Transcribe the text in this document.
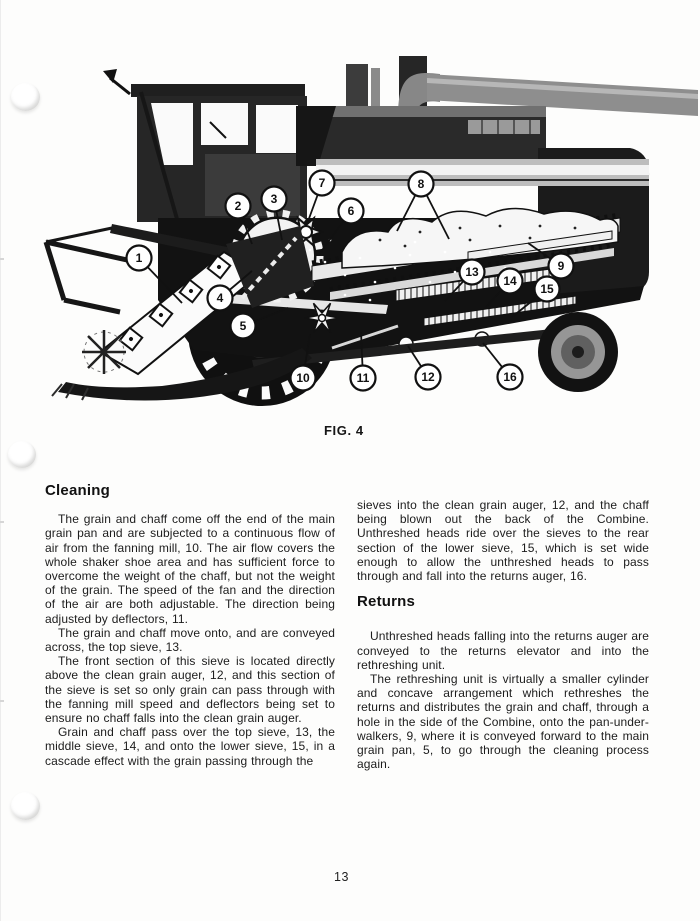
1
2 3
4
5
6
7	8
9
10	11	12
13
14
15
16
FIG. 4
Cleaning

The grain and chaff come off the end of the main grain pan and are subjected to a continuous flow of air from the fanning mill, 10. The air flow covers the whole shaker shoe area and has sufficient force to overcome the weight of the chaff, but not the weight of the grain. The speed of the fan and the direction of the air are both adjustable. The direction being adjusted by deflectors, 11.

The grain and chaff move onto, and are conveyed across, the top sieve, 13.

The front section of this sieve is located directly above the clean grain auger, 12, and this section of the sieve is set so only grain can pass through with the fanning mill speed and deflectors being set to ensure no chaff falls into the clean grain auger.

Grain and chaff pass over the top sieve, 13, the middle sieve, 14, and onto the lower sieve, 15, in a cascade effect with the grain passing through the

sieves into the clean grain auger, 12, and the chaff being blown out the back of the Combine. Unthreshed heads ride over the sieves to the rear section of the lower sieve, 15, which is set wide enough to allow the unthreshed heads to pass through and fall into the returns auger, 16.

Returns

Unthreshed heads falling into the returns auger are conveyed to the returns elevator and into the rethreshing unit.

The rethreshing unit is virtually a smaller cylinder and concave arrangement which rethreshes the returns and distributes the grain and chaff, through a hole in the side of the Combine, onto the pan-under-walkers, 9, where it is conveyed forward to the main grain pan, 5, to go through the cleaning process again.

13
